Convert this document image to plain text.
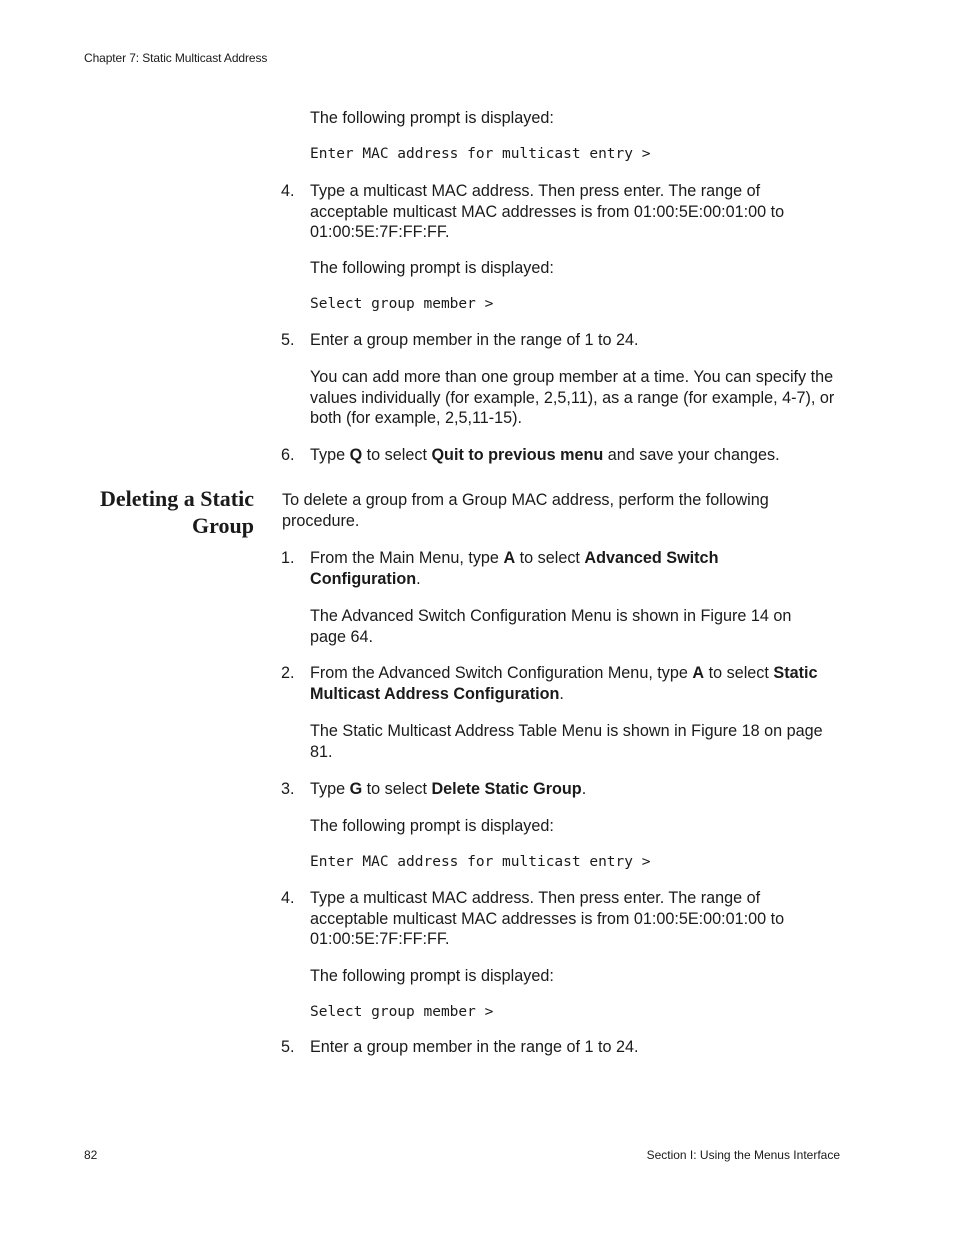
Chapter 7: Static Multicast Address
82	Section I: Using the Menus Interface
The following prompt is displayed:
Enter MAC address for multicast entry >
4. Type a multicast MAC address. Then press enter. The range of acceptable multicast MAC addresses is from 01:00:5E:00:01:00 to 01:00:5E:7F:FF:FF.
The following prompt is displayed:
Select group member >
5. Enter a group member in the range of 1 to 24.
You can add more than one group member at a time. You can specify the values individually (for example, 2,5,11), as a range (for example, 4-7), or both (for example, 2,5,11-15).
6. Type Q to select Quit to previous menu and save your changes.
Deleting a Static
Group
To delete a group from a Group MAC address, perform the following procedure.
1. From the Main Menu, type A to select Advanced Switch Configuration.
The Advanced Switch Configuration Menu is shown in Figure 14 on page 64.
2. From the Advanced Switch Configuration Menu, type A to select Static Multicast Address Configuration.
The Static Multicast Address Table Menu is shown in Figure 18 on page 81.
3. Type G to select Delete Static Group.
The following prompt is displayed:
Enter MAC address for multicast entry >
4. Type a multicast MAC address. Then press enter. The range of acceptable multicast MAC addresses is from 01:00:5E:00:01:00 to 01:00:5E:7F:FF:FF.
The following prompt is displayed:
Select group member >
5. Enter a group member in the range of 1 to 24.
